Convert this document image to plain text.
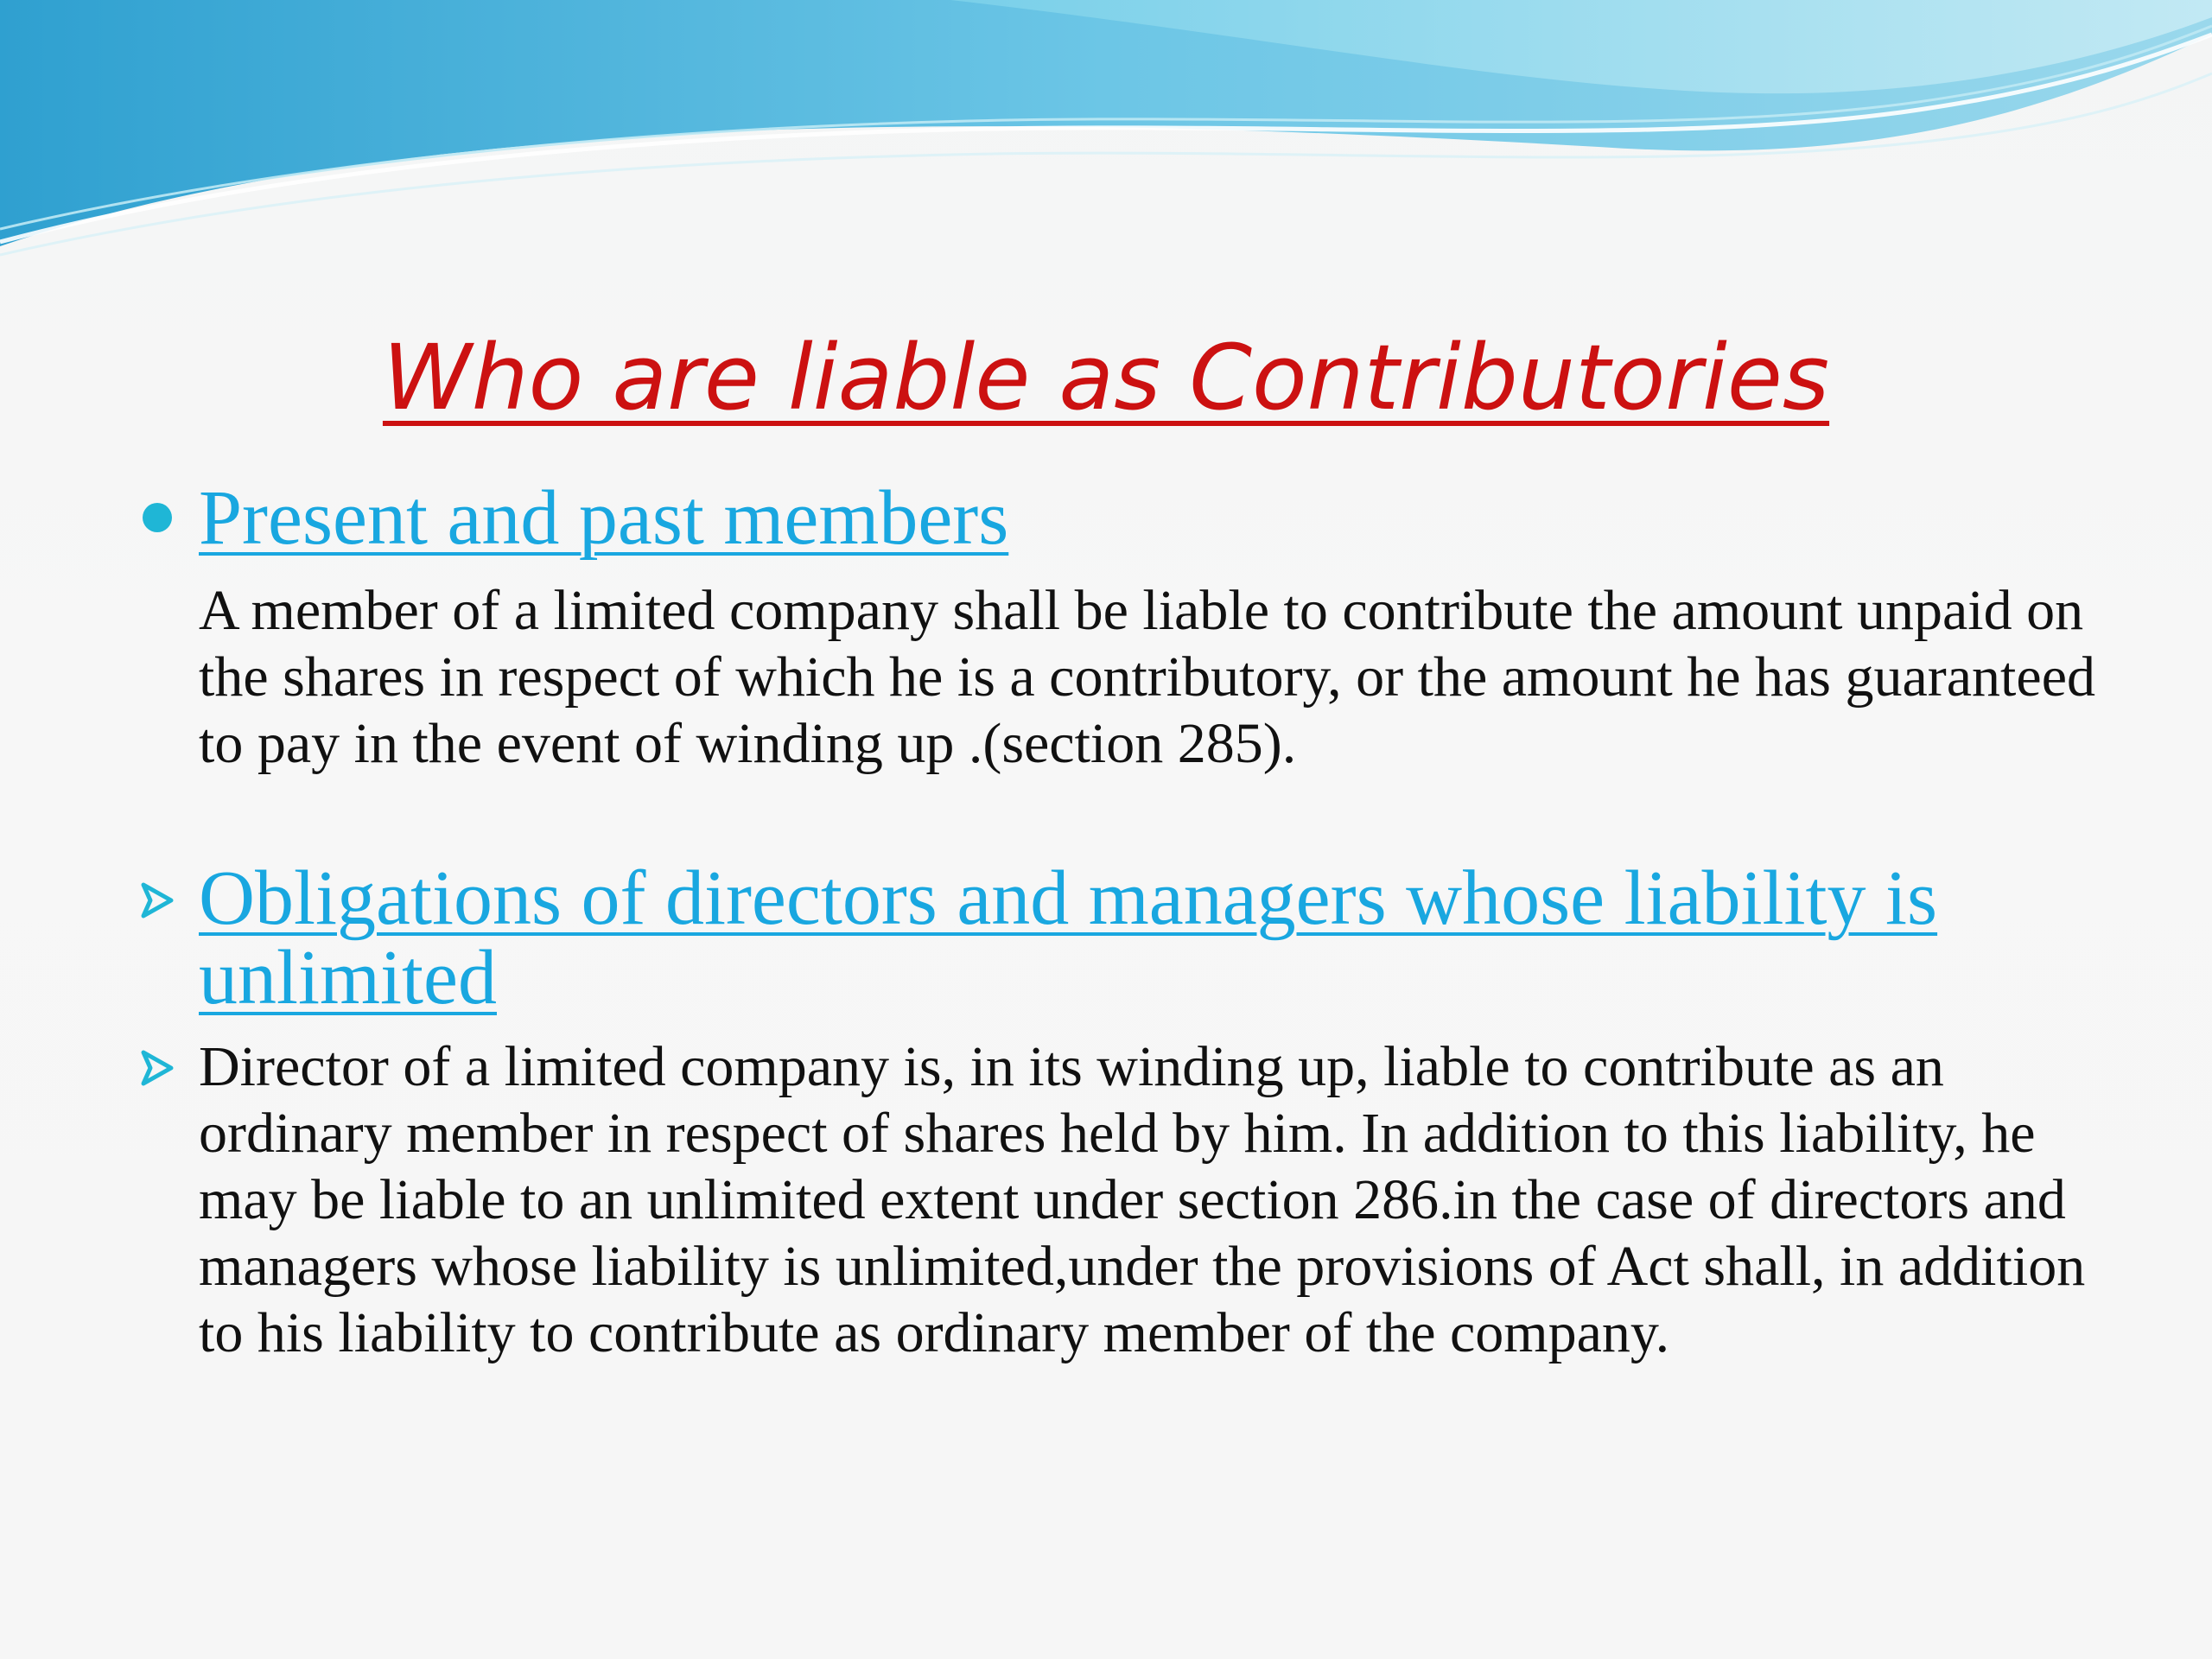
Who are liable as Contributories
Present and past members
A member of a limited company shall be liable to contribute the amount unpaid on the shares in respect of which he is a contributory, or the amount he has guaranteed to pay in the event of winding up .(section 285).
Obligations of directors and managers whose liability is unlimited
Director of a limited company is, in its winding up, liable to contribute as an ordinary member in respect of shares held by him. In addition to this liability, he may be liable to an unlimited extent under section 286.in the case of directors and managers whose liability is unlimited,under the provisions of Act shall, in addition to his liability to contribute as ordinary member of the company.
